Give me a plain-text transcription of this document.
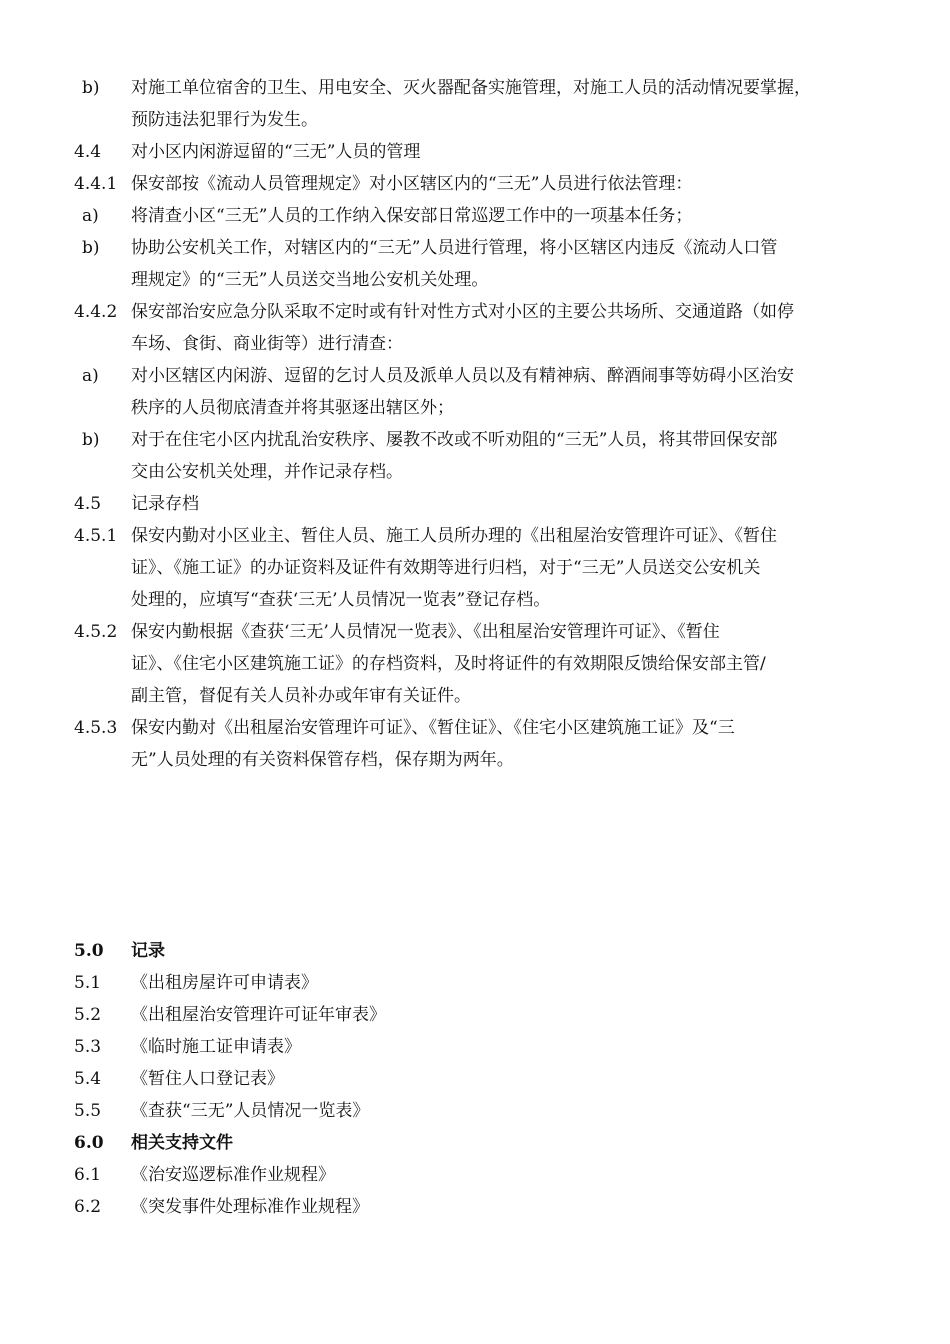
b) 对施工单位宿舍的卫生、用电安全、灭火器配备实施管理，对施工人员的活动情况要掌握，
预防违法犯罪行为发生。
4.4 对小区内闲游逗留的“三无”人员的管理
4.4.1 保安部按《流动人员管理规定》对小区辖区内的“三无”人员进行依法管理：
a) 将清查小区“三无”人员的工作纳入保安部日常巡逻工作中的一项基本任务；
b) 协助公安机关工作，对辖区内的“三无”人员进行管理，将小区辖区内违反《流动人口管
理规定》的“三无”人员送交当地公安机关处理。
4.4.2 保安部治安应急分队采取不定时或有针对性方式对小区的主要公共场所、交通道路（如停
车场、食街、商业街等）进行清查：
a) 对小区辖区内闲游、逗留的乞讨人员及派单人员以及有精神病、醉酒闹事等妨碍小区治安
秩序的人员彻底清查并将其驱逐出辖区外；
b) 对于在住宅小区内扰乱治安秩序、屡教不改或不听劝阻的“三无”人员，将其带回保安部
交由公安机关处理，并作记录存档。
4.5 记录存档
4.5.1 保安内勤对小区业主、暂住人员、施工人员所办理的《出租屋治安管理许可证》、《暂住
证》、《施工证》的办证资料及证件有效期等进行归档，对于“三无”人员送交公安机关
处理的，应填写“查获‘三无’人员情况一览表”登记存档。
4.5.2 保安内勤根据《查获‘三无’人员情况一览表》、《出租屋治安管理许可证》、《暂住
证》、《住宅小区建筑施工证》的存档资料，及时将证件的有效期限反馈给保安部主管/
副主管，督促有关人员补办或年审有关证件。
4.5.3 保安内勤对《出租屋治安管理许可证》、《暂住证》、《住宅小区建筑施工证》及“三
无”人员处理的有关资料保管存档，保存期为两年。
5.0 记录
5.1 《出租房屋许可申请表》
5.2 《出租屋治安管理许可证年审表》
5.3 《临时施工证申请表》
5.4 《暂住人口登记表》
5.5 《查获“三无”人员情况一览表》
6.0 相关支持文件
6.1 《治安巡逻标准作业规程》
6.2 《突发事件处理标准作业规程》
